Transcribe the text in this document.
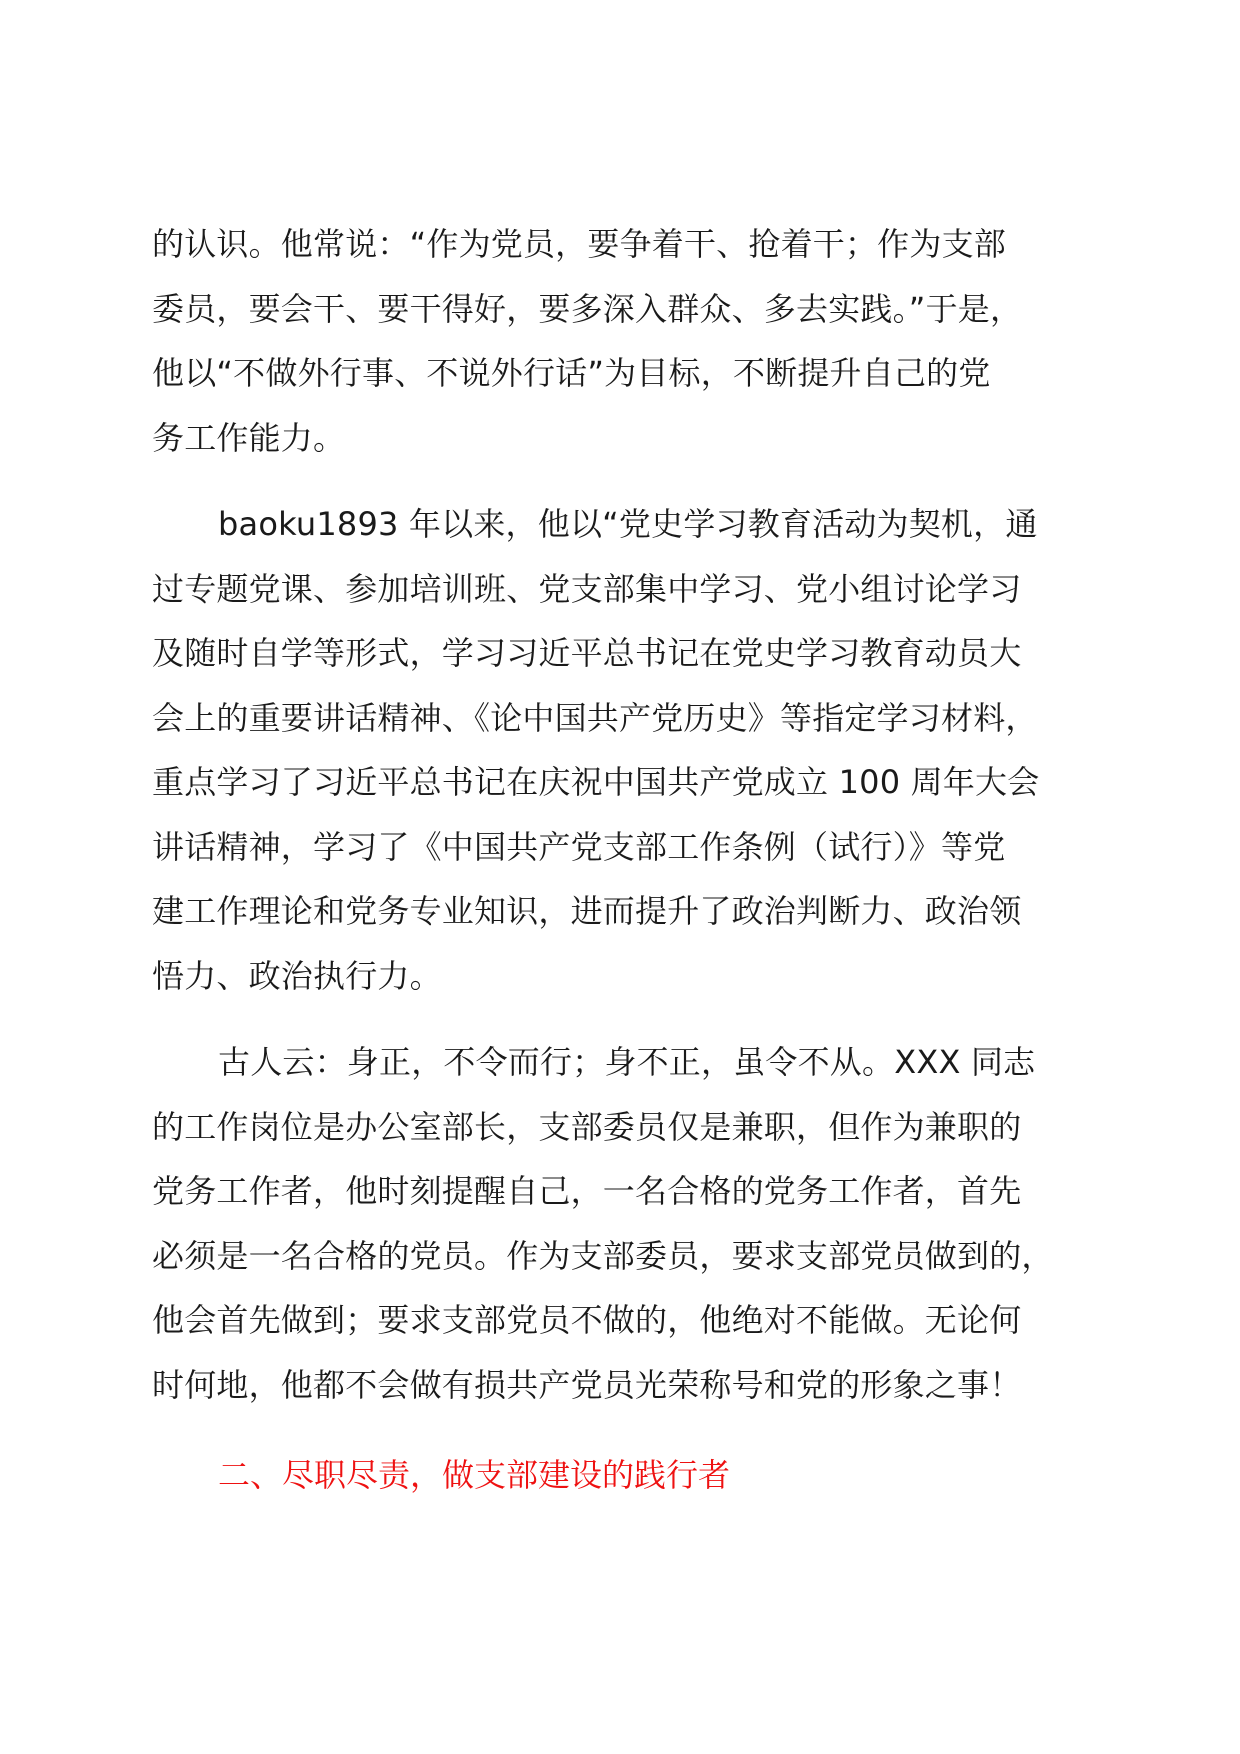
的认识。他常说：“作为党员，要争着干、抢着干；作为支部
委员，要会干、要干得好，要多深入群众、多去实践。”于是，
他以“不做外行事、不说外行话”为目标，不断提升自己的党
务工作能力。
baoku1893 年以来，他以“党史学习教育活动为契机，通
过专题党课、参加培训班、党支部集中学习、党小组讨论学习
及随时自学等形式，学习习近平总书记在党史学习教育动员大
会上的重要讲话精神、《论中国共产党历史》等指定学习材料，
重点学习了习近平总书记在庆祝中国共产党成立 100 周年大会
讲话精神，学习了《中国共产党支部工作条例（试行）》等党
建工作理论和党务专业知识，进而提升了政治判断力、政治领
悟力、政治执行力。
古人云：身正，不令而行；身不正，虽令不从。XXX 同志
的工作岗位是办公室部长，支部委员仅是兼职，但作为兼职的
党务工作者，他时刻提醒自己，一名合格的党务工作者，首先
必须是一名合格的党员。作为支部委员，要求支部党员做到的，
他会首先做到；要求支部党员不做的，他绝对不能做。无论何
时何地，他都不会做有损共产党员光荣称号和党的形象之事！
二、尽职尽责，做支部建设的践行者
